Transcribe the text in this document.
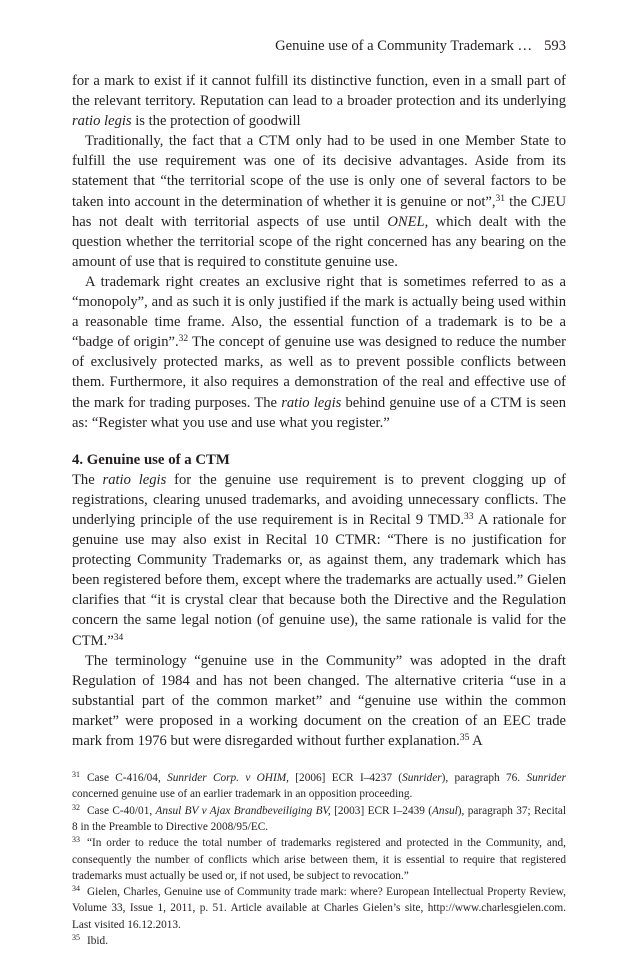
Genuine use of a Community Trademark … 593

for a mark to exist if it cannot fulfill its distinctive function, even in a small part of the relevant territory. Reputation can lead to a broader protection and its underlying ratio legis is the protection of goodwill

Traditionally, the fact that a CTM only had to be used in one Member State to fulfill the use requirement was one of its decisive advantages. Aside from its statement that “the territorial scope of the use is only one of several factors to be taken into account in the determination of whether it is genuine or not”,$^{31}$ the CJEU has not dealt with territorial aspects of use until ONEL, which dealt with the question whether the territorial scope of the right concerned has any bearing on the amount of use that is required to constitute genuine use.

A trademark right creates an exclusive right that is sometimes referred to as a “monopoly”, and as such it is only justified if the mark is actually being used within a reasonable time frame. Also, the essential function of a trademark is to be a “badge of origin”.$^{32}$ The concept of genuine use was designed to reduce the number of exclusively protected marks, as well as to prevent possible conflicts between them. Furthermore, it also requires a demonstration of the real and effective use of the mark for trading purposes. The ratio legis behind genuine use of a CTM is seen as: “Register what you use and use what you register.”

4. Genuine use of a CTM

The ratio legis for the genuine use requirement is to prevent clogging up of registrations, clearing unused trademarks, and avoiding unnecessary conflicts. The underlying principle of the use requirement is in Recital 9 TMD.$^{33}$ A rationale for genuine use may also exist in Recital 10 CTMR: “There is no justification for protecting Community Trademarks or, as against them, any trademark which has been registered before them, except where the trademarks are actually used.” Gielen clarifies that “it is crystal clear that because both the Directive and the Regulation concern the same legal notion (of genuine use), the same rationale is valid for the CTM.”$^{34}$

The terminology “genuine use in the Community” was adopted in the draft Regulation of 1984 and has not been changed. The alternative criteria “use in a substantial part of the common market” and “genuine use within the common market” were proposed in a working document on the creation of an EEC trade mark from 1976 but were disregarded without further explanation.$^{35}$ A

$^{31}$ Case C-416/04, Sunrider Corp. v OHIM, [2006] ECR I–4237 (Sunrider), paragraph 76. Sunrider concerned genuine use of an earlier trademark in an opposition proceeding.

$^{32}$ Case C-40/01, Ansul BV v Ajax Brandbeveiliging BV, [2003] ECR I–2439 (Ansul), paragraph 37; Recital 8 in the Preamble to Directive 2008/95/EC.

$^{33}$ “In order to reduce the total number of trademarks registered and protected in the Community, and, consequently the number of conflicts which arise between them, it is essential to require that registered trademarks must actually be used or, if not used, be subject to revocation.”

$^{34}$ Gielen, Charles, Genuine use of Community trade mark: where? European Intellectual Property Review, Volume 33, Issue 1, 2011, p. 51. Article available at Charles Gielen’s site, http://www.charlesgielen.com. Last visited 16.12.2013.

$^{35}$ Ibid.
